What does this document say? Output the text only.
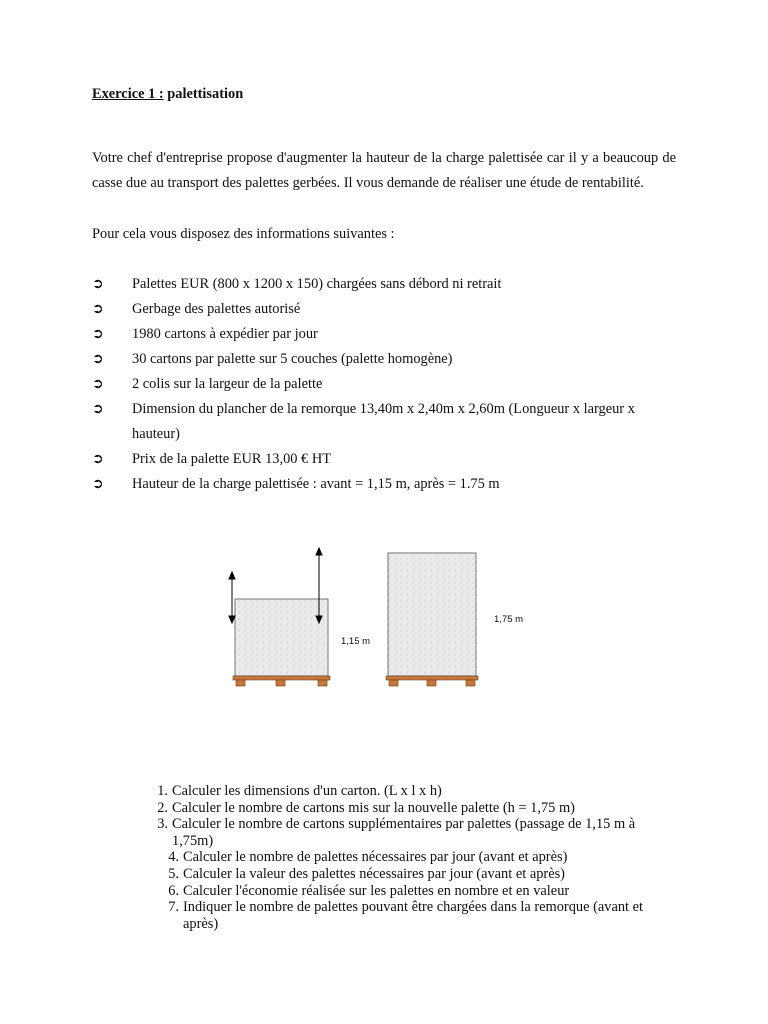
Exercice 1 : palettisation

Votre chef d'entreprise propose d'augmenter la hauteur de la charge palettisée car il y a beaucoup de casse due au transport des palettes gerbées. Il vous demande de réaliser une étude de rentabilité.

Pour cela vous disposez des informations suivantes :

➲ Palettes EUR (800 x 1200 x 150) chargées sans débord ni retrait
➲ Gerbage des palettes autorisé
➲ 1980 cartons à expédier par jour
➲ 30 cartons par palette sur 5 couches (palette homogène)
➲ 2 colis sur la largeur de la palette
➲ Dimension du plancher de la remorque 13,40m x 2,40m x 2,60m (Longueur x largeur x hauteur)
➲ Prix de la palette EUR 13,00 € HT
➲ Hauteur de la charge palettisée : avant = 1,15 m, après = 1.75 m
1,15 m
1,75 m
1. Calculer les dimensions d'un carton. (L x l x h)
2. Calculer le nombre de cartons mis sur la nouvelle palette (h = 1,75 m)
3. Calculer le nombre de cartons supplémentaires par palettes (passage de 1,15 m à 1,75m)
4. Calculer le nombre de palettes nécessaires par jour (avant et après)
5. Calculer la valeur des palettes nécessaires par jour (avant et après)
6. Calculer l'économie réalisée sur les palettes en nombre et en valeur
7. Indiquer le nombre de palettes pouvant être chargées dans la remorque (avant et après)
